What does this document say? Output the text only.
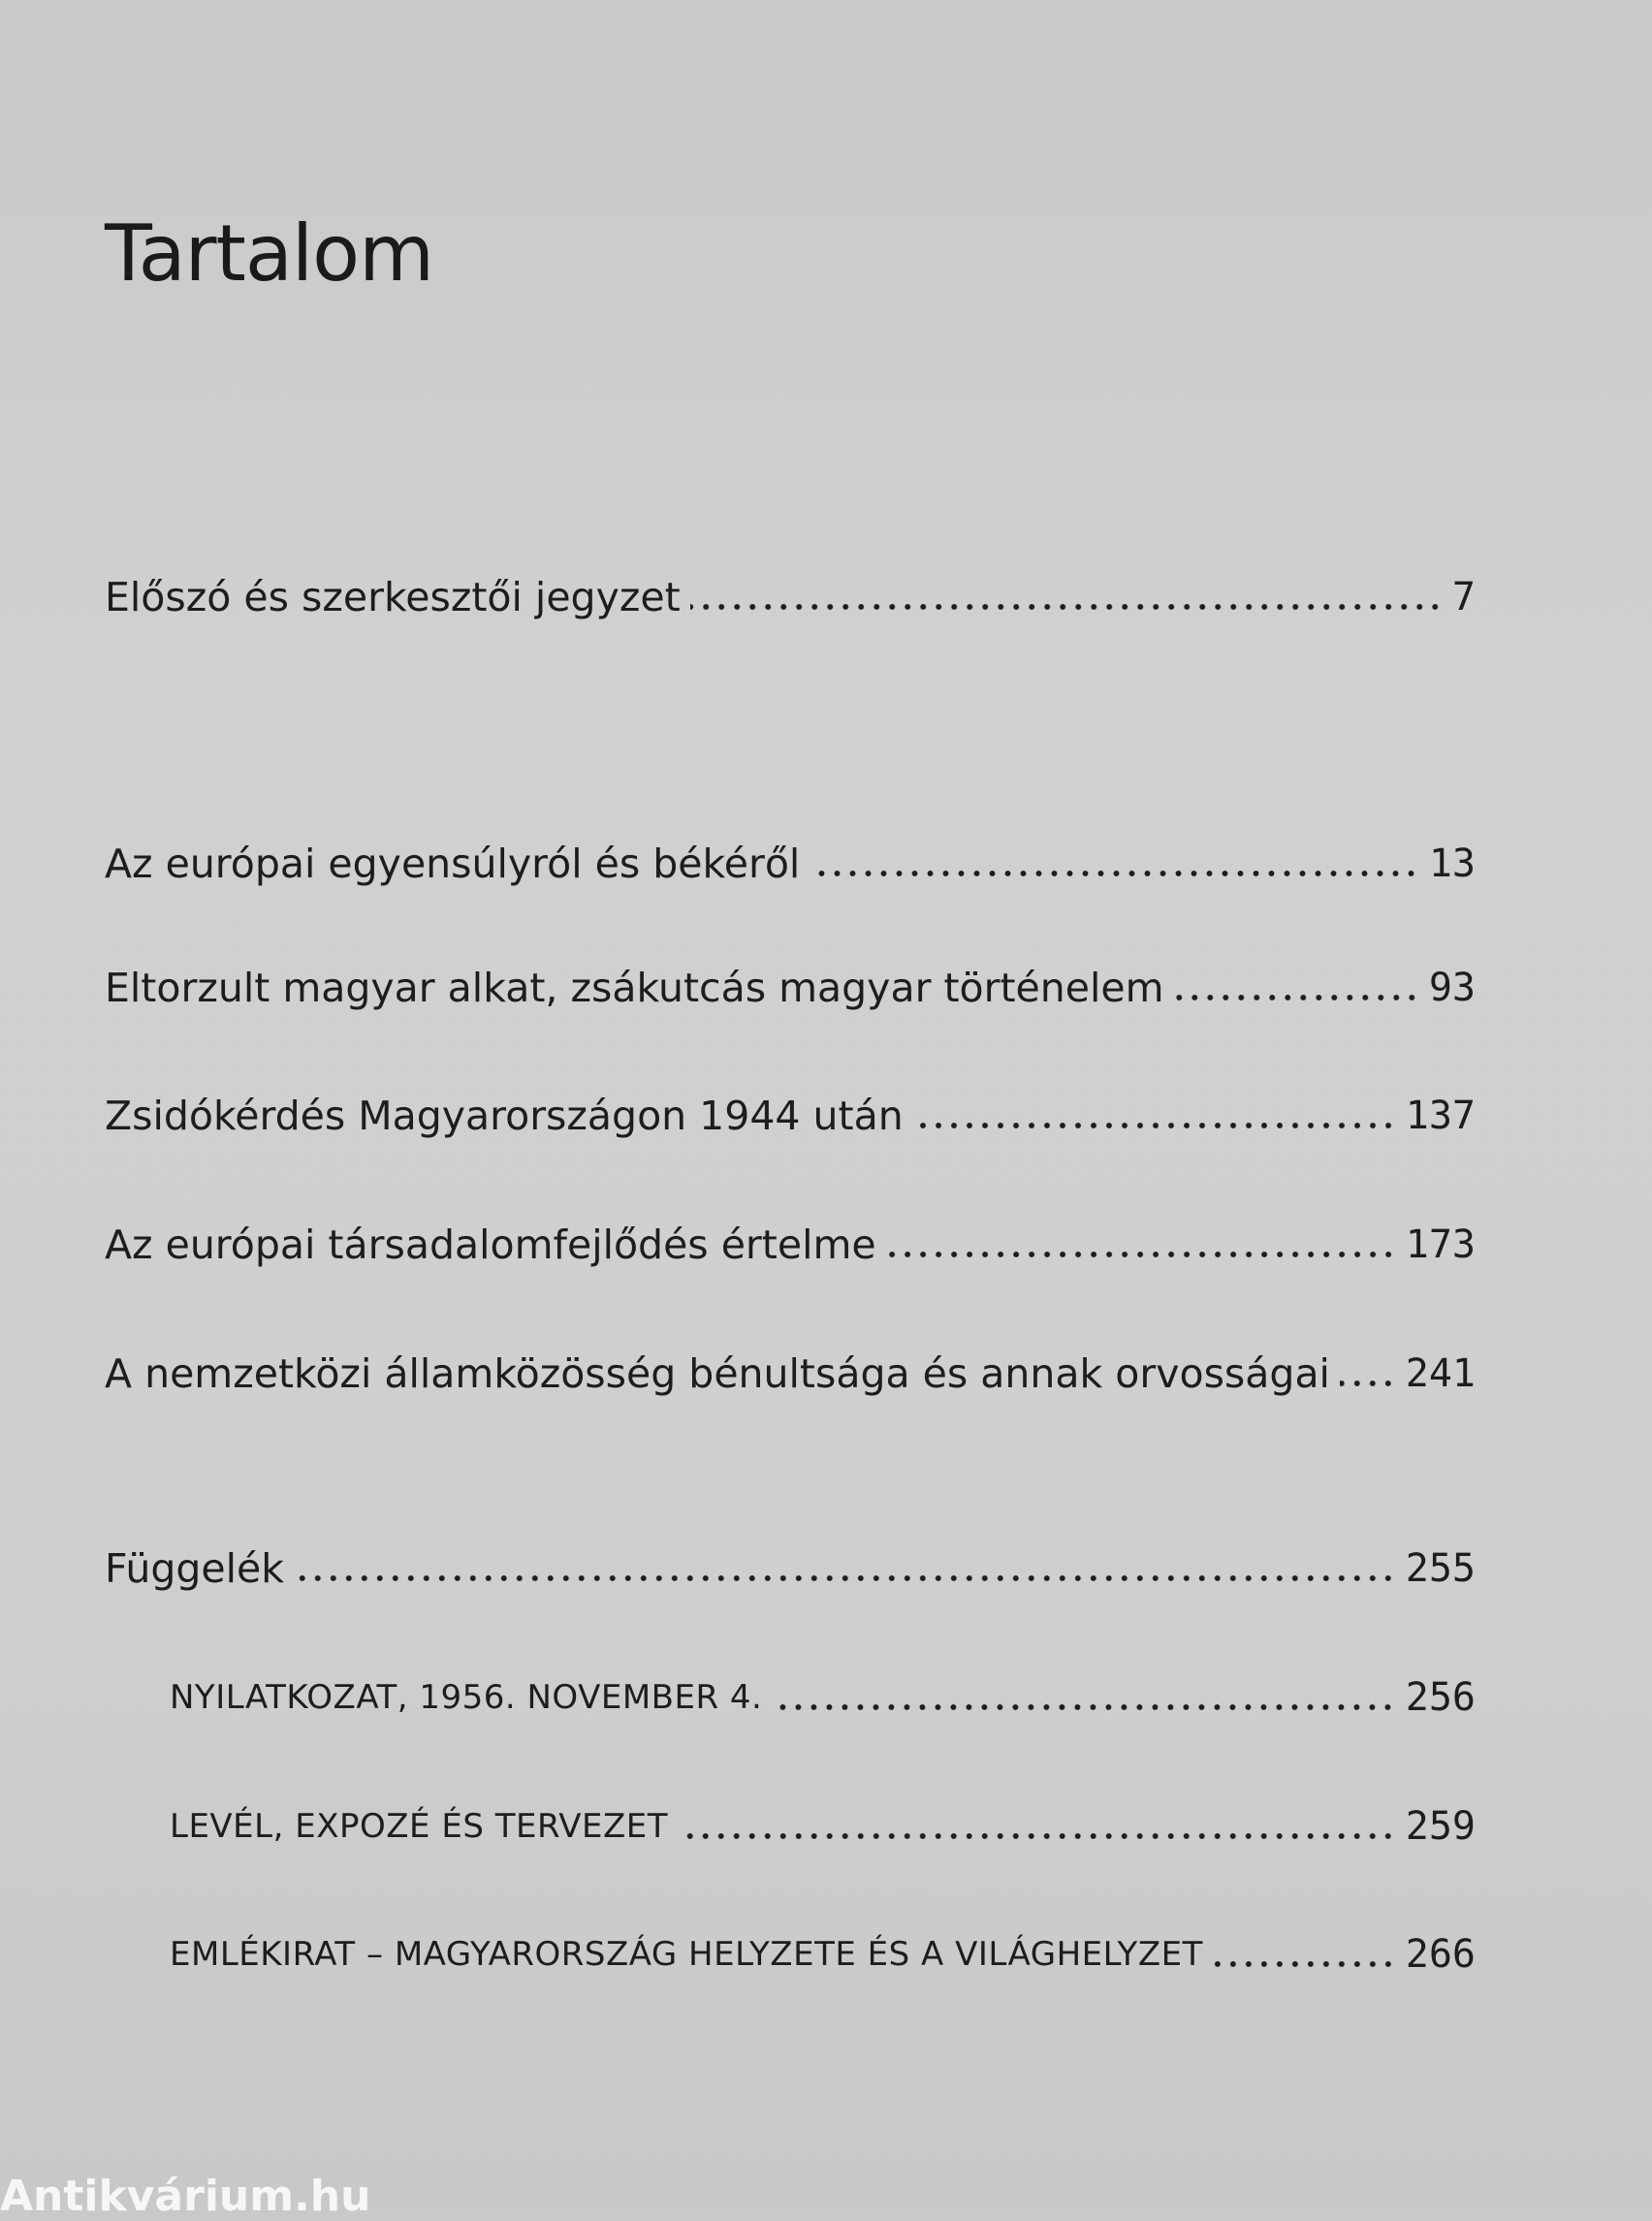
Tartalom
Előszó és szerkesztői jegyzet	7
Az európai egyensúlyról és békéről	13
Eltorzult magyar alkat, zsákutcás magyar történelem	93
Zsidókérdés Magyarországon 1944 után	137
Az európai társadalomfejlődés értelme	173
A nemzetközi államközösség bénultsága és annak orvosságai 241
Függelék	255
NYILATKOZAT, 1956. NOVEMBER 4.	256
LEVÉL, EXPOZÉ ÉS TERVEZET	259
EMLÉKIRAT – MAGYARORSZÁG HELYZETE ÉS A VILÁGHELYZET	266
Antikvárium.hu
